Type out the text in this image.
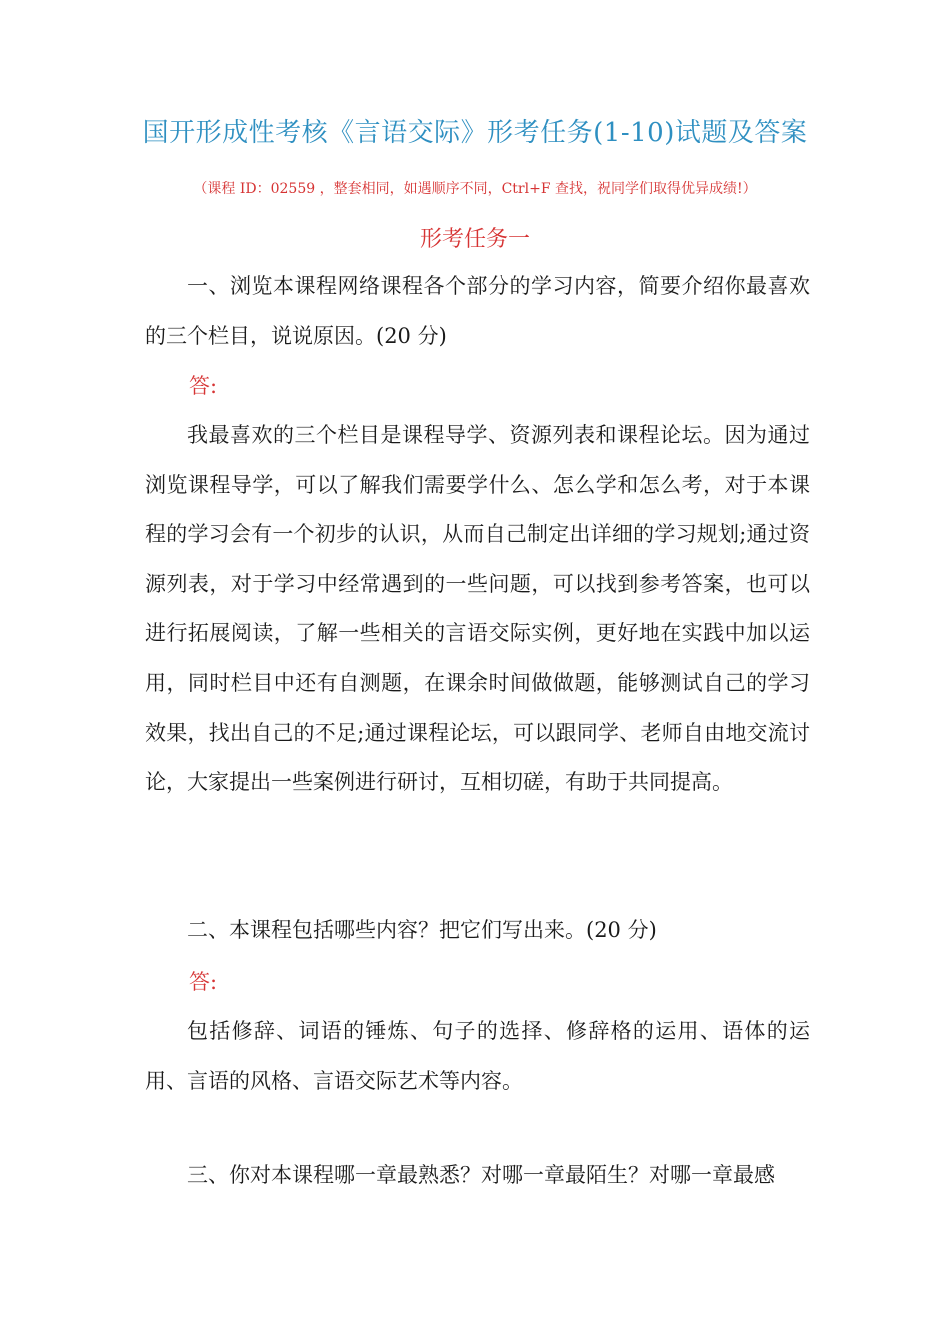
国开形成性考核《言语交际》形考任务(1-10)试题及答案
（课程 ID：02559 ，整套相同，如遇顺序不同，Ctrl+F 查找，祝同学们取得优异成绩!）
形考任务一

一、浏览本课程网络课程各个部分的学习内容，简要介绍你最喜欢的三个栏目，说说原因。(20 分)

答:

我最喜欢的三个栏目是课程导学、资源列表和课程论坛。因为通过浏览课程导学，可以了解我们需要学什么、怎么学和怎么考，对于本课程的学习会有一个初步的认识，从而自己制定出详细的学习规划;通过资源列表，对于学习中经常遇到的一些问题，可以找到参考答案，也可以进行拓展阅读，了解一些相关的言语交际实例，更好地在实践中加以运用，同时栏目中还有自测题，在课余时间做做题，能够测试自己的学习效果，找出自己的不足;通过课程论坛，可以跟同学、老师自由地交流讨论，大家提出一些案例进行研讨，互相切磋，有助于共同提高。

二、本课程包括哪些内容？把它们写出来。(20 分)

答:

包括修辞、词语的锤炼、句子的选择、修辞格的运用、语体的运用、言语的风格、言语交际艺术等内容。

三、你对本课程哪一章最熟悉？对哪一章最陌生？对哪一章最感
